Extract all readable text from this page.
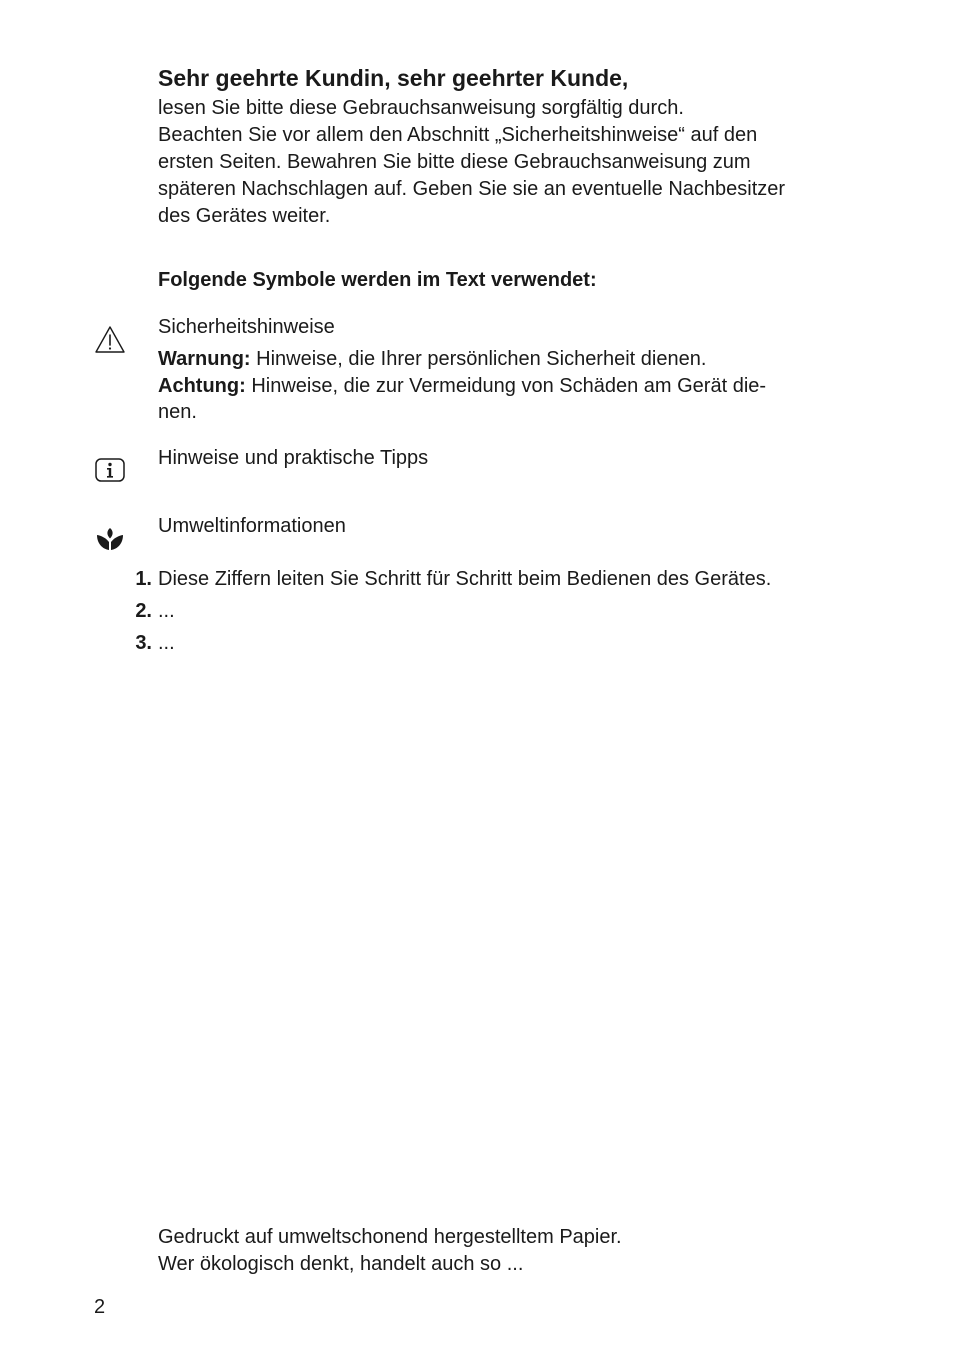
Sehr geehrte Kundin, sehr geehrter Kunde,
lesen Sie bitte diese Gebrauchsanweisung sorgfältig durch.
Beachten Sie vor allem den Abschnitt „Sicherheitshinweise“ auf den
ersten Seiten. Bewahren Sie bitte diese Gebrauchsanweisung zum
späteren Nachschlagen auf. Geben Sie sie an eventuelle Nachbesitzer
des Gerätes weiter.
Folgende Symbole werden im Text verwendet:
Sicherheitshinweise
Warnung: Hinweise, die Ihrer persönlichen Sicherheit dienen.
Achtung: Hinweise, die zur Vermeidung von Schäden am Gerät die-
nen.
Hinweise und praktische Tipps
Umweltinformationen
1. Diese Ziffern leiten Sie Schritt für Schritt beim Bedienen des Gerätes.
2. ...
3. ...
Gedruckt auf umweltschonend hergestelltem Papier.
Wer ökologisch denkt, handelt auch so ...
2
